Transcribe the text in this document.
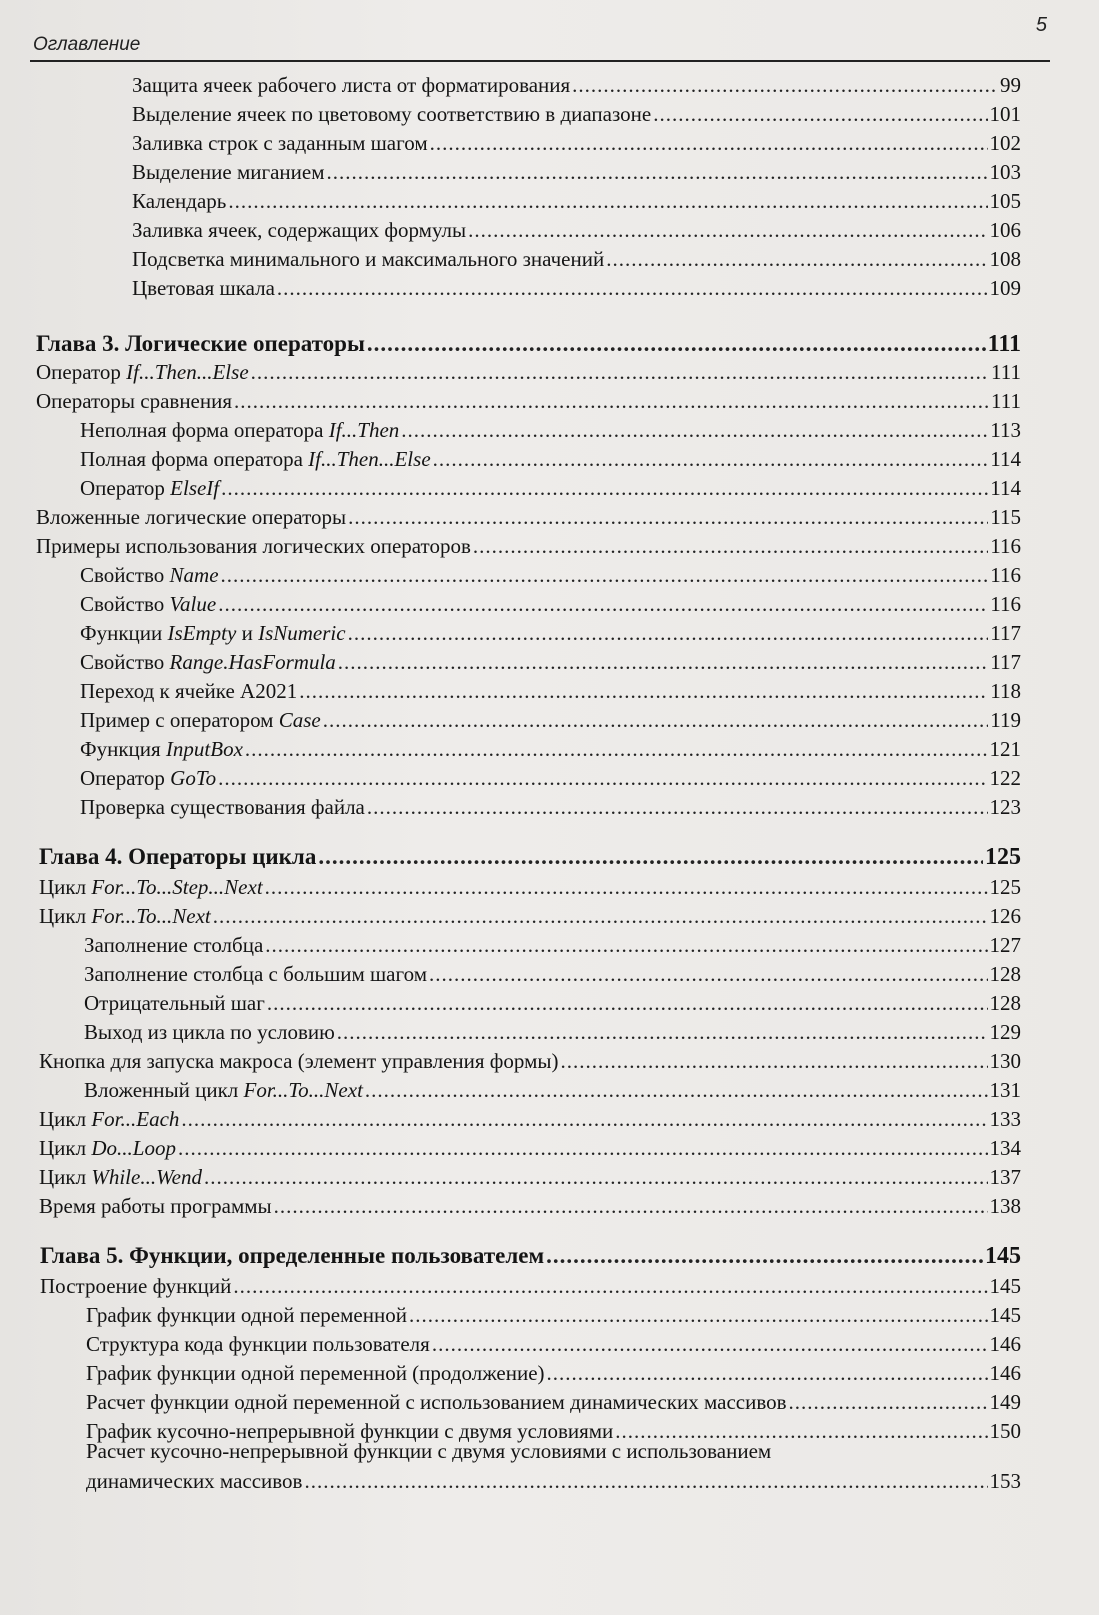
Оглавление
5
Защита ячеек рабочего листа от форматирования .....	99
Выделение ячеек по цветовому соответствию в диапазоне .....	101
Заливка строк с заданным шагом .....	102
Выделение миганием .....	103
Календарь .....	105
Заливка ячеек, содержащих формулы .....	106
Подсветка минимального и максимального значений .....	108
Цветовая шкала .....	109
Глава 3. Логические операторы .....	111
Оператор If...Then...Else .....	111
Операторы сравнения .....	111
Неполная форма оператора If...Then .....	113
Полная форма оператора If...Then...Else .....	114
Оператор ElseIf .....	114
Вложенные логические операторы .....	115
Примеры использования логических операторов .....	116
Свойство Name .....	116
Свойство Value .....	116
Функции IsEmpty и IsNumeric .....	117
Свойство Range.HasFormula .....	117
Переход к ячейке A2021 .....	118
Пример с оператором Case .....	119
Функция InputBox .....	121
Оператор GoTo .....	122
Проверка существования файла .....	123
Глава 4. Операторы цикла .....	125
Цикл For...To...Step...Next .....	125
Цикл For...To...Next .....	126
Заполнение столбца .....	127
Заполнение столбца с большим шагом .....	128
Отрицательный шаг .....	128
Выход из цикла по условию .....	129
Кнопка для запуска макроса (элемент управления формы) .....	130
Вложенный цикл For...To...Next .....	131
Цикл For...Each .....	133
Цикл Do...Loop .....	134
Цикл While...Wend .....	137
Время работы программы .....	138
Глава 5. Функции, определенные пользователем .....	145
Построение функций .....	145
График функции одной переменной .....	145
Структура кода функции пользователя .....	146
График функции одной переменной (продолжение) .....	146
Расчет функции одной переменной с использованием динамических массивов .....	149
График кусочно-непрерывной функции с двумя условиями .....	150
Расчет кусочно-непрерывной функции с двумя условиями с использованием
динамических массивов .....	153
